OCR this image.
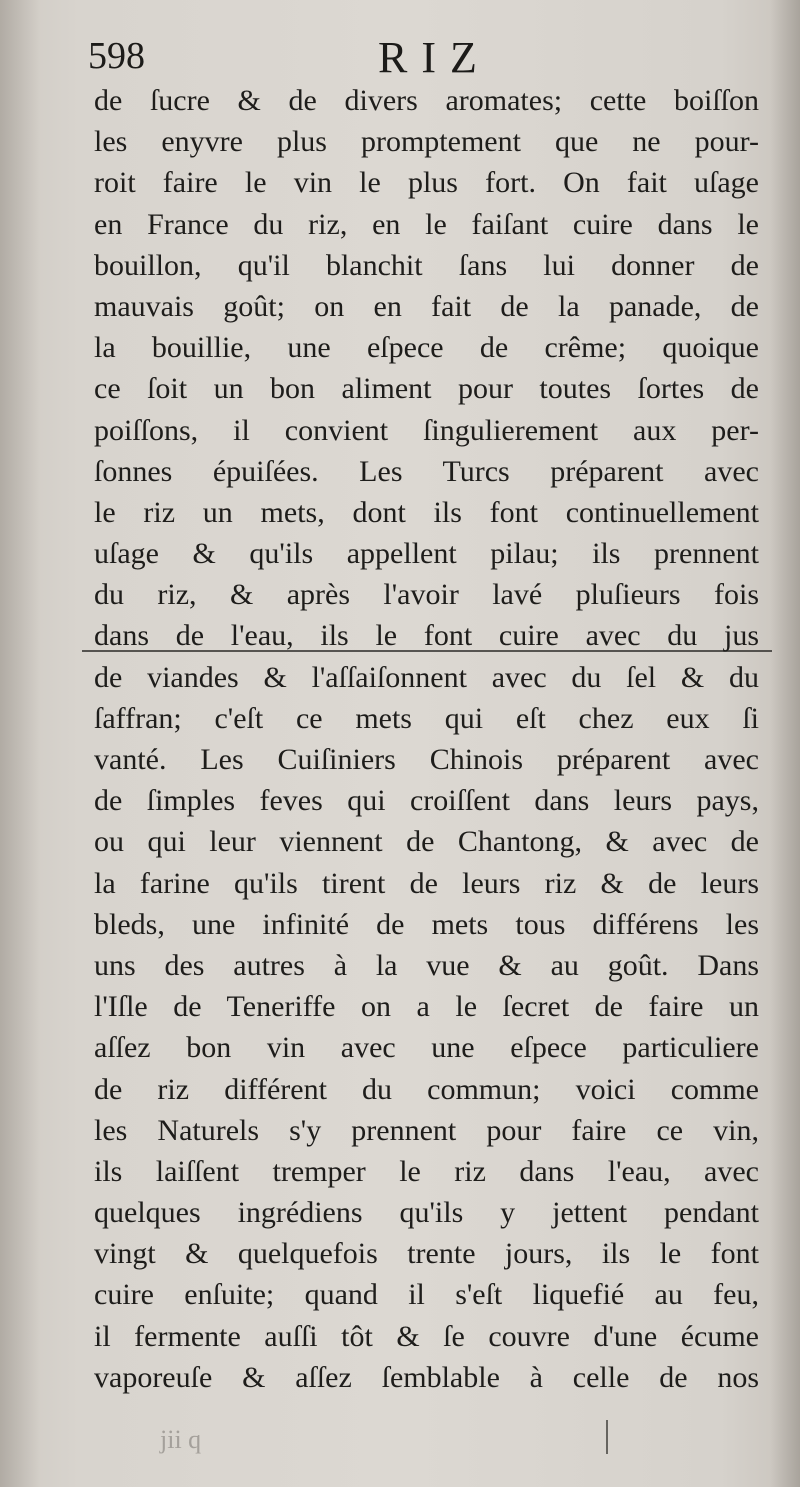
598	RIZ
de ſucre & de divers aromates; cette boiſſon
les enyvre plus promptement que ne pour-
roit faire le vin le plus fort. On fait uſage
en France du riz, en le faiſant cuire dans le
bouillon, qu'il blanchit ſans lui donner de
mauvais goût; on en fait de la panade, de
la bouillie, une eſpece de crême; quoique
ce ſoit un bon aliment pour toutes ſortes de
poiſſons, il convient ſingulierement aux per-
ſonnes épuiſées. Les Turcs préparent avec
le riz un mets, dont ils font continuellement
uſage & qu'ils appellent pilau; ils prennent
du riz, & après l'avoir lavé pluſieurs fois
dans de l'eau, ils le font cuire avec du jus
de viandes & l'aſſaiſonnent avec du ſel & du
ſaffran; c'eſt ce mets qui eſt chez eux ſi
vanté. Les Cuiſiniers Chinois préparent avec
de ſimples feves qui croiſſent dans leurs pays,
ou qui leur viennent de Chantong, & avec de
la farine qu'ils tirent de leurs riz & de leurs
bleds, une infinité de mets tous différens les
uns des autres à la vue & au goût. Dans
l'Iſle de Teneriffe on a le ſecret de faire un
aſſez bon vin avec une eſpece particuliere
de riz différent du commun; voici comme
les Naturels s'y prennent pour faire ce vin,
ils laiſſent tremper le riz dans l'eau, avec
quelques ingrédiens qu'ils y jettent pendant
vingt & quelquefois trente jours, ils le font
cuire enſuite; quand il s'eſt liquefié au feu,
il fermente auſſi tôt & ſe couvre d'une écume
vaporeuſe & aſſez ſemblable à celle de nos
jii q
